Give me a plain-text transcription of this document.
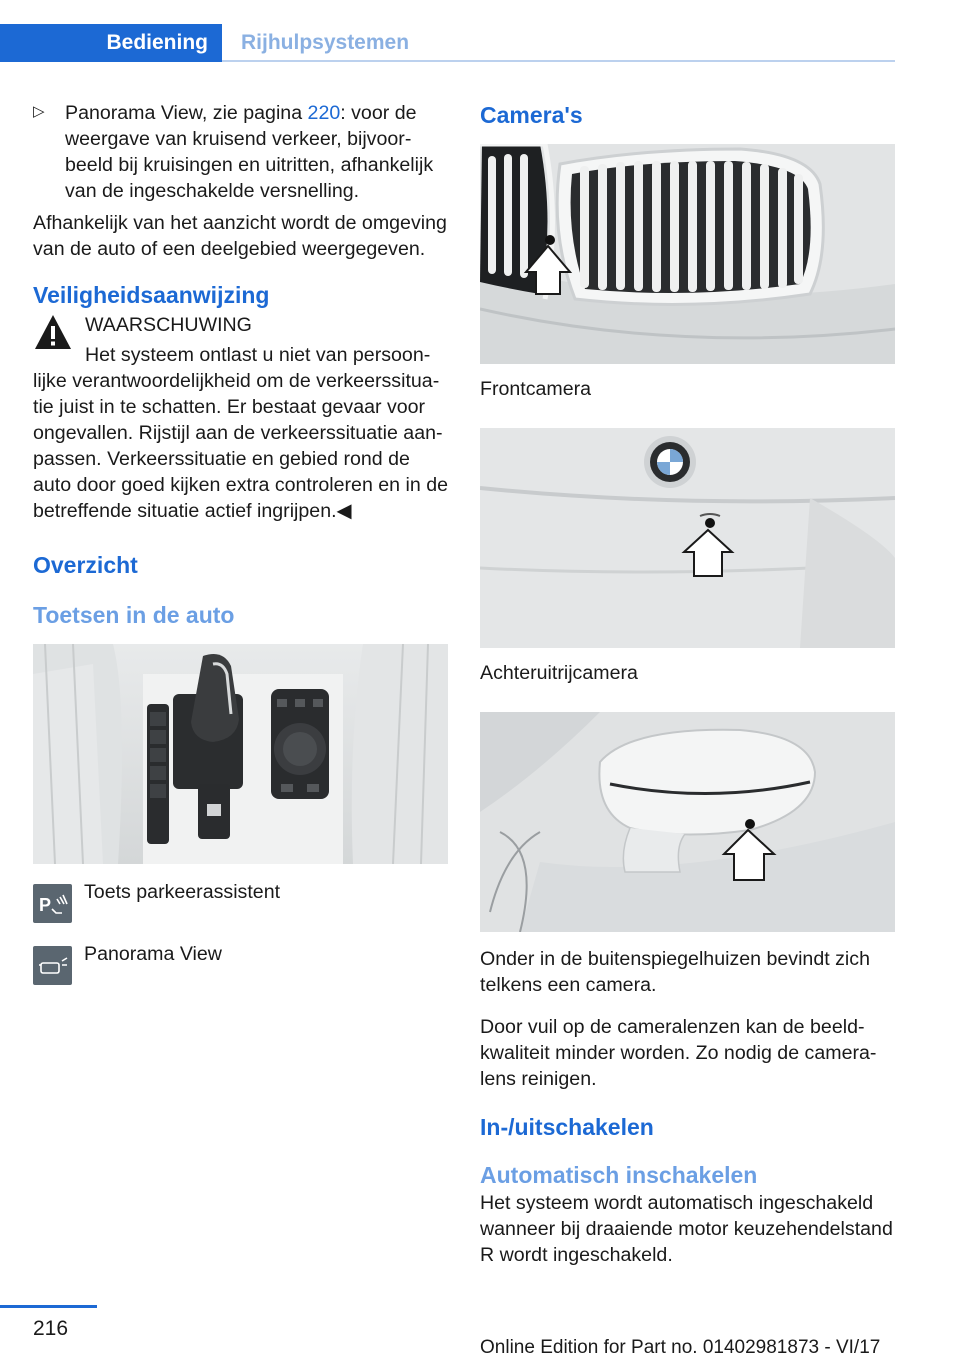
Bediening	Rijhulpsystemen
▷	Panorama View, zie pagina 220: voor de weergave van kruisend verkeer, bijvoorbeeld bij kruisingen en uitritten, afhankelijk van de ingeschakelde versnelling.

Afhankelijk van het aanzicht wordt de omgeving van de auto of een deelgebied weergegeven.

Veiligheidsaanwijzing

WAARSCHUWING

Het systeem ontlast u niet van persoonlijke verantwoordelijkheid om de verkeerssituatie juist in te schatten. Er bestaat gevaar voor ongevallen. Rijstijl aan de verkeerssituatie aanpassen. Verkeerssituatie en gebied rond de auto door goed kijken extra controleren en in de betreffende situatie actief ingrijpen.◀

Overzicht
Toetsen in de auto
P

Toets parkeerassistent

Panorama View

Camera's

Frontcamera

Achteruitrijcamera

Onder in de buitenspiegelhuizen bevindt zich telkens een camera.

Door vuil op de cameralenzen kan de beeldkwaliteit minder worden. Zo nodig de cameralens reinigen.

In-/uitschakelen
Automatisch inschakelen

Het systeem wordt automatisch ingeschakeld wanneer bij draaiende motor keuzehendelstand R wordt ingeschakeld.

216
Online Edition for Part no. 01402981873 - VI/17
